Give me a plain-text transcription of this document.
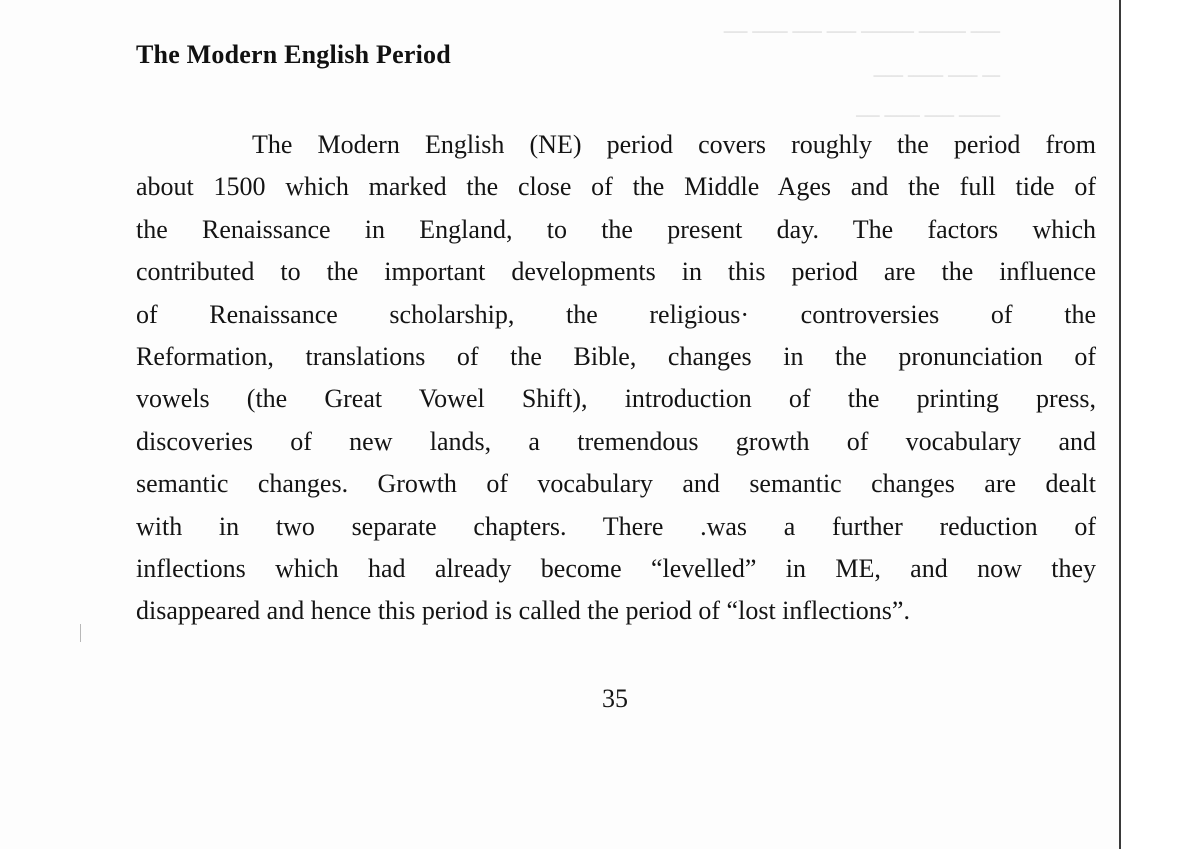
ــــ ــــــ ـــــ ـــــ ـــــــــ ــــــــ ـــــ
ـــــ ــــــ ـــــ ـــ
ــــ ــــــ ـــــ ـــــــ
The Modern English Period
The Modern English (NE) period covers roughly the period from
about 1500 which marked the close of the Middle Ages and the full tide of
the Renaissance in England, to the present day. The factors which
contributed to the important developments in this period are the influence
of Renaissance scholarship, the religious· controversies of the
Reformation, translations of the Bible, changes in the pronunciation of
vowels (the Great Vowel Shift), introduction of the printing press,
discoveries of new lands, a tremendous growth of vocabulary and
semantic changes. Growth of vocabulary and semantic changes are dealt
with in two separate chapters. There .was a further reduction of
inflections which had already become “levelled” in ME, and now they
disappeared and hence this period is called the period of “lost inflections”.
35
